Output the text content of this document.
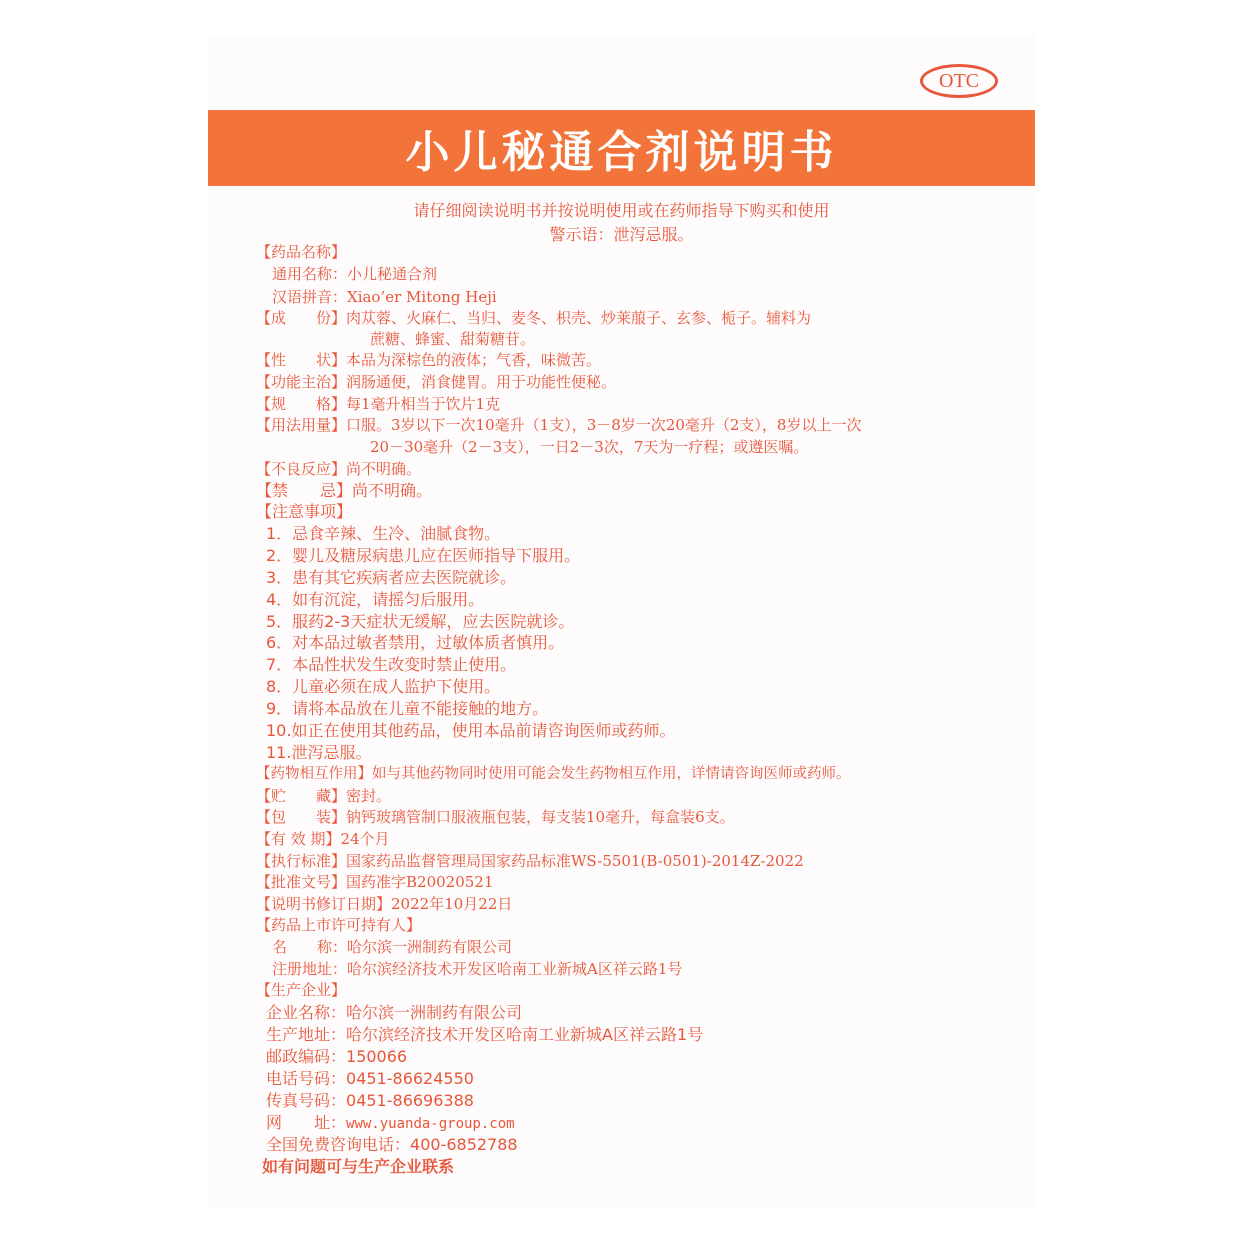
OTC
小儿秘通合剂说明书
请仔细阅读说明书并按说明使用或在药师指导下购买和使用
警示语：泄泻忌服。
【药品名称】
通用名称：小儿秘通合剂
汉语拼音：Xiao’er Mitong Heji
【成　　份】肉苁蓉、火麻仁、当归、麦冬、枳壳、炒莱菔子、玄参、栀子。辅料为
蔗糖、蜂蜜、甜菊糖苷。
【性　　状】本品为深棕色的液体；气香，味微苦。
【功能主治】润肠通便，消食健胃。用于功能性便秘。
【规　　格】每1毫升相当于饮片1克
【用法用量】口服。3岁以下一次10毫升（1支），3－8岁一次20毫升（2支），8岁以上一次
20－30毫升（2－3支），一日2－3次，7天为一疗程；或遵医嘱。
【不良反应】尚不明确。
【禁　　忌】尚不明确。
【注意事项】
1．忌食辛辣、生冷、油腻食物。
2．婴儿及糖尿病患儿应在医师指导下服用。
3．患有其它疾病者应去医院就诊。
4．如有沉淀，请摇匀后服用。
5．服药2-3天症状无缓解，应去医院就诊。
6．对本品过敏者禁用，过敏体质者慎用。
7．本品性状发生改变时禁止使用。
8．儿童必须在成人监护下使用。
9．请将本品放在儿童不能接触的地方。
10.如正在使用其他药品，使用本品前请咨询医师或药师。
11.泄泻忌服。
【药物相互作用】如与其他药物同时使用可能会发生药物相互作用，详情请咨询医师或药师。
【贮　　藏】密封。
【包　　装】钠钙玻璃管制口服液瓶包装，每支装10毫升，每盒装6支。
【有 效 期】24个月
【执行标准】国家药品监督管理局国家药品标准WS-5501(B-0501)-2014Z-2022
【批准文号】国药准字B20020521
【说明书修订日期】2022年10月22日
【药品上市许可持有人】
名　　称：哈尔滨一洲制药有限公司
注册地址：哈尔滨经济技术开发区哈南工业新城A区祥云路1号
【生产企业】
企业名称：哈尔滨一洲制药有限公司
生产地址：哈尔滨经济技术开发区哈南工业新城A区祥云路1号
邮政编码：150066
电话号码：0451-86624550
传真号码：0451-86696388
网　　址：www.yuanda-group.com
全国免费咨询电话：400-6852788
如有问题可与生产企业联系
